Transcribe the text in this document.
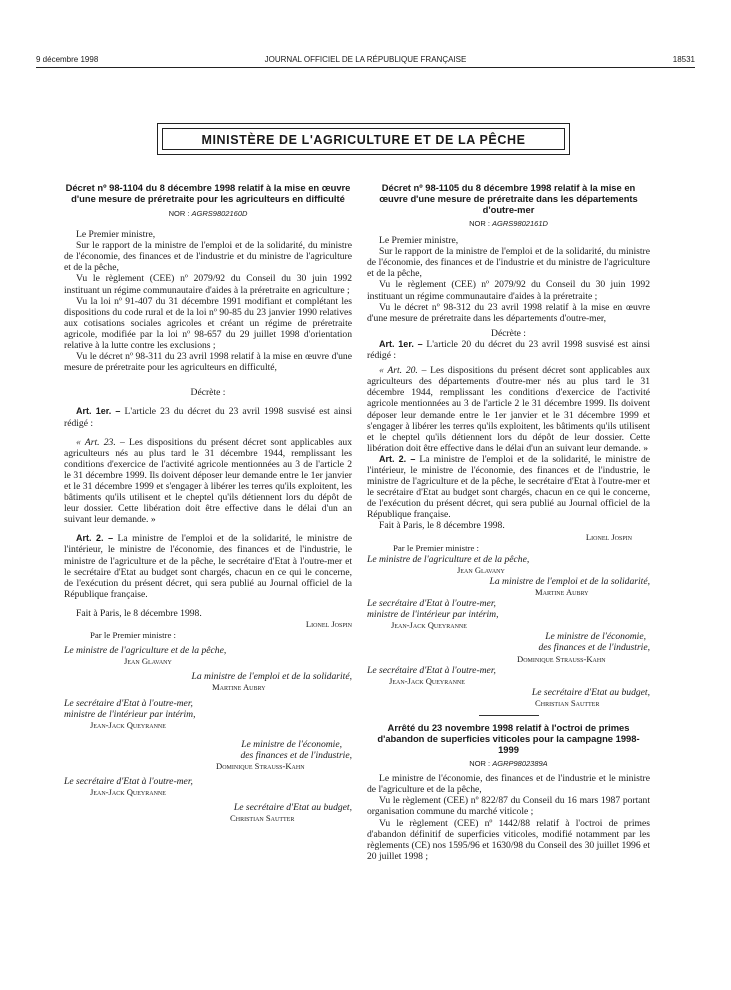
9 décembre 1998	JOURNAL OFFICIEL DE LA RÉPUBLIQUE FRANÇAISE	18531
MINISTÈRE DE L'AGRICULTURE ET DE LA PÊCHE
Décret nº 98-1104 du 8 décembre 1998 relatif à la mise en œuvre d'une mesure de préretraite pour les agriculteurs en difficulté
NOR : AGRS9802160D

Le Premier ministre,

Sur le rapport de la ministre de l'emploi et de la solidarité, du ministre de l'économie, des finances et de l'industrie et du ministre de l'agriculture et de la pêche,

Vu le règlement (CEE) nº 2079/92 du Conseil du 30 juin 1992 instituant un régime communautaire d'aides à la préretraite en agriculture ;

Vu la loi nº 91-407 du 31 décembre 1991 modifiant et complétant les dispositions du code rural et de la loi nº 90-85 du 23 janvier 1990 relatives aux cotisations sociales agricoles et créant un régime de préretraite agricole, modifiée par la loi nº 98-657 du 29 juillet 1998 d'orientation relative à la lutte contre les exclusions ;

Vu le décret nº 98-311 du 23 avril 1998 relatif à la mise en œuvre d'une mesure de préretraite pour les agriculteurs en difficulté,

Décrète :

Art. 1er. – L'article 23 du décret du 23 avril 1998 susvisé est ainsi rédigé :

« Art. 23. – Les dispositions du présent décret sont applicables aux agriculteurs nés au plus tard le 31 décembre 1944, remplissant les conditions d'exercice de l'activité agricole mentionnées au 3 de l'article 2 le 31 décembre 1999. Ils doivent déposer leur demande entre le 1er janvier et le 31 décembre 1999 et s'engager à libérer les terres qu'ils exploitent, les bâtiments qu'ils utilisent et le cheptel qu'ils détiennent lors du dépôt de leur dossier. Cette libération doit être effective dans le délai d'un an suivant leur demande. »

Art. 2. – La ministre de l'emploi et de la solidarité, le ministre de l'intérieur, le ministre de l'économie, des finances et de l'industrie, le ministre de l'agriculture et de la pêche, le secrétaire d'Etat à l'outre-mer et le secrétaire d'Etat au budget sont chargés, chacun en ce qui le concerne, de l'exécution du présent décret, qui sera publié au Journal officiel de la République française.

Fait à Paris, le 8 décembre 1998.

Lionel Jospin
Par le Premier ministre :
Le ministre de l'agriculture et de la pêche,
Jean Glavany
La ministre de l'emploi et de la solidarité,
Martine Aubry
Le secrétaire d'Etat à l'outre-mer,
ministre de l'intérieur par intérim,
Jean-Jack Queyranne
Le ministre de l'économie,
des finances et de l'industrie,
Dominique Strauss-Kahn
Le secrétaire d'Etat à l'outre-mer,
Jean-Jack Queyranne
Le secrétaire d'Etat au budget,
Christian Sautter
Décret nº 98-1105 du 8 décembre 1998 relatif à la mise en œuvre d'une mesure de préretraite dans les départements d'outre-mer
NOR : AGRS9802161D

Le Premier ministre,

Sur le rapport de la ministre de l'emploi et de la solidarité, du ministre de l'économie, des finances et de l'industrie et du ministre de l'agriculture et de la pêche,

Vu le règlement (CEE) nº 2079/92 du Conseil du 30 juin 1992 instituant un régime communautaire d'aides à la préretraite ;

Vu le décret nº 98-312 du 23 avril 1998 relatif à la mise en œuvre d'une mesure de préretraite dans les départements d'outre-mer,

Décrète :

Art. 1er. – L'article 20 du décret du 23 avril 1998 susvisé est ainsi rédigé :

« Art. 20. – Les dispositions du présent décret sont applicables aux agriculteurs des départements d'outre-mer nés au plus tard le 31 décembre 1944, remplissant les conditions d'exercice de l'activité agricole mentionnées au 3 de l'article 2 le 31 décembre 1999. Ils doivent déposer leur demande entre le 1er janvier et le 31 décembre 1999 et s'engager à libérer les terres qu'ils exploitent, les bâtiments qu'ils utilisent et le cheptel qu'ils détiennent lors du dépôt de leur dossier. Cette libération doit être effective dans le délai d'un an suivant leur demande. »

Art. 2. – La ministre de l'emploi et de la solidarité, le ministre de l'intérieur, le ministre de l'économie, des finances et de l'industrie, le ministre de l'agriculture et de la pêche, le secrétaire d'Etat à l'outre-mer et le secrétaire d'Etat au budget sont chargés, chacun en ce qui le concerne, de l'exécution du présent décret, qui sera publié au Journal officiel de la République française.

Fait à Paris, le 8 décembre 1998.

Lionel Jospin
Par le Premier ministre :
Le ministre de l'agriculture et de la pêche,
Jean Glavany
La ministre de l'emploi et de la solidarité,
Martine Aubry
Le secrétaire d'Etat à l'outre-mer,
ministre de l'intérieur par intérim,
Jean-Jack Queyranne
Le ministre de l'économie,
des finances et de l'industrie,
Dominique Strauss-Kahn
Le secrétaire d'Etat à l'outre-mer,
Jean-Jack Queyranne
Le secrétaire d'Etat au budget,
Christian Sautter
Arrêté du 23 novembre 1998 relatif à l'octroi de primes d'abandon de superficies viticoles pour la campagne 1998-1999
NOR : AGRP9802389A

Le ministre de l'économie, des finances et de l'industrie et le ministre de l'agriculture et de la pêche,

Vu le règlement (CEE) nº 822/87 du Conseil du 16 mars 1987 portant organisation commune du marché viticole ;

Vu le règlement (CEE) nº 1442/88 relatif à l'octroi de primes d'abandon définitif de superficies viticoles, modifié notamment par les règlements (CE) nos 1595/96 et 1630/98 du Conseil des 30 juillet 1996 et 20 juillet 1998 ;
